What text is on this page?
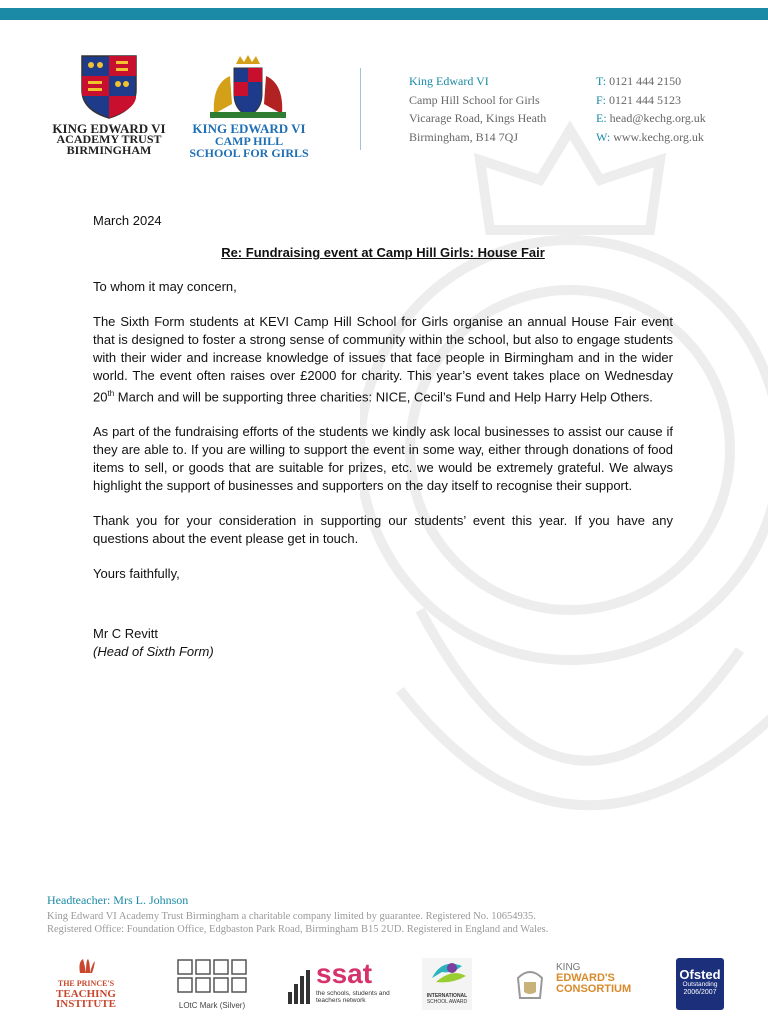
KING EDWARD VI
ACADEMY TRUST
BIRMINGHAM
KING EDWARD VI
CAMP HILL
SCHOOL FOR GIRLS
King Edward VI
Camp Hill School for Girls
Vicarage Road, Kings Heath
Birmingham, B14 7QJ
T: 0121 444 2150
F: 0121 444 5123
E: head@kechg.org.uk
W: www.kechg.org.uk
March 2024
Re: Fundraising event at Camp Hill Girls: House Fair
To whom it may concern,
The Sixth Form students at KEVI Camp Hill School for Girls organise an annual House Fair event that is designed to foster a strong sense of community within the school, but also to engage students with their wider and increase knowledge of issues that face people in Birmingham and in the wider world. The event often raises over £2000 for charity. This year’s event takes place on Wednesday 20th March and will be supporting three charities: NICE, Cecil’s Fund and Help Harry Help Others.
As part of the fundraising efforts of the students we kindly ask local businesses to assist our cause if they are able to. If you are willing to support the event in some way, either through donations of food items to sell, or goods that are suitable for prizes, etc. we would be extremely grateful. We always highlight the support of businesses and supporters on the day itself to recognise their support.
Thank you for your consideration in supporting our students’ event this year. If you have any questions about the event please get in touch.
Yours faithfully,
Mr C Revitt
(Head of Sixth Form)
Headteacher: Mrs L. Johnson
King Edward VI Academy Trust Birmingham a charitable company limited by guarantee. Registered No. 10654935.
Registered Office: Foundation Office, Edgbaston Park Road, Birmingham B15 2UD. Registered in England and Wales.
THE PRINCE'S
TEACHING
INSTITUTE	LOtC Mark (Silver)
ssat
the schools, students and
teachers network
INTERNATIONAL
SCHOOL AWARD
KING
EDWARD'S
CONSORTIUM
Ofsted
Outstanding
2006/2007
